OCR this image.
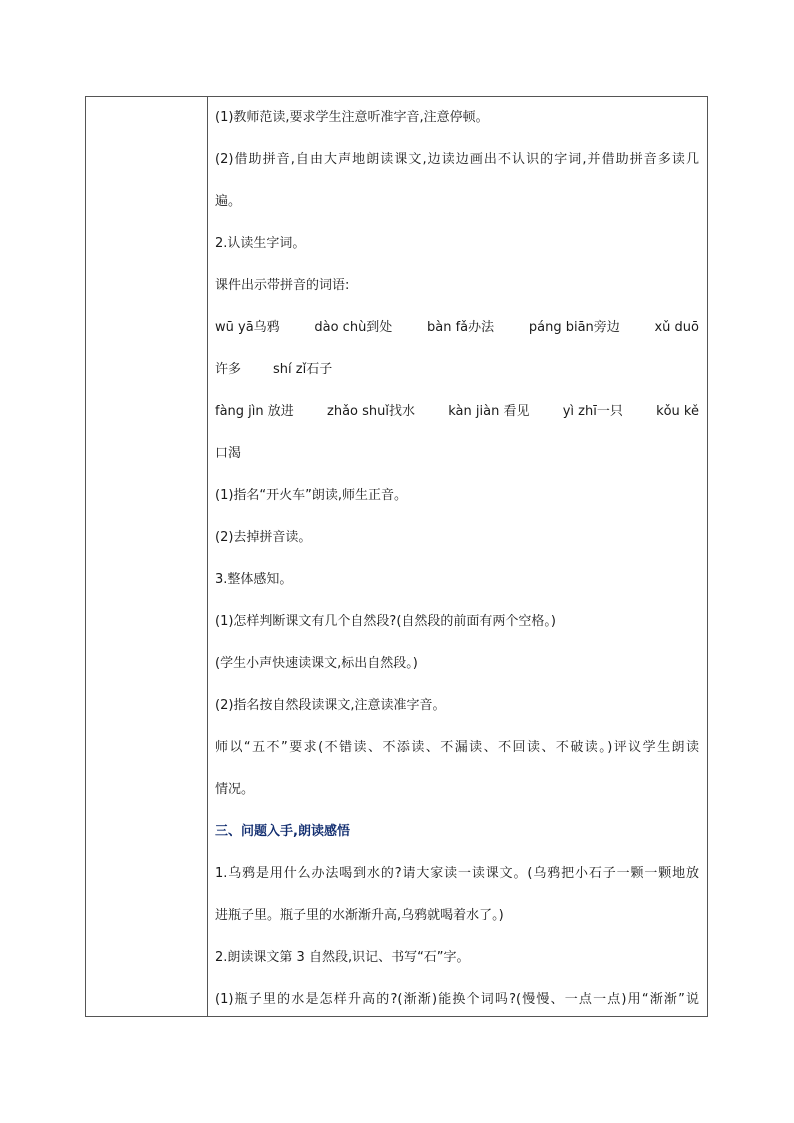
(1)教师范读,要求学生注意听准字音,注意停顿。
(2)借助拼音,自由大声地朗读课文,边读边画出不认识的字词,并借助拼音多读几
遍。
2.认读生字词。
课件出示带拼音的词语:
wū yā乌鸦	dào chù到处	bàn fǎ办法	páng biān旁边	xǔ duō
许多 shí zǐ石子
fàng jìn 放进	zhǎo shuǐ找水	kàn jiàn 看见	yì zhī一只	kǒu kě
口渴
(1)指名“开火车”朗读,师生正音。
(2)去掉拼音读。
3.整体感知。
(1)怎样判断课文有几个自然段?(自然段的前面有两个空格。)
(学生小声快速读课文,标出自然段。)
(2)指名按自然段读课文,注意读准字音。
师以“五不”要求(不错读、不添读、不漏读、不回读、不破读。)评议学生朗读
情况。
三、问题入手,朗读感悟
1.乌鸦是用什么办法喝到水的?请大家读一读课文。(乌鸦把小石子一颗一颗地放
进瓶子里。瓶子里的水渐渐升高,乌鸦就喝着水了。)
2.朗读课文第 3 自然段,识记、书写“石”字。
(1)瓶子里的水是怎样升高的?(渐渐)能换个词吗?(慢慢、一点一点)用“渐渐”说
